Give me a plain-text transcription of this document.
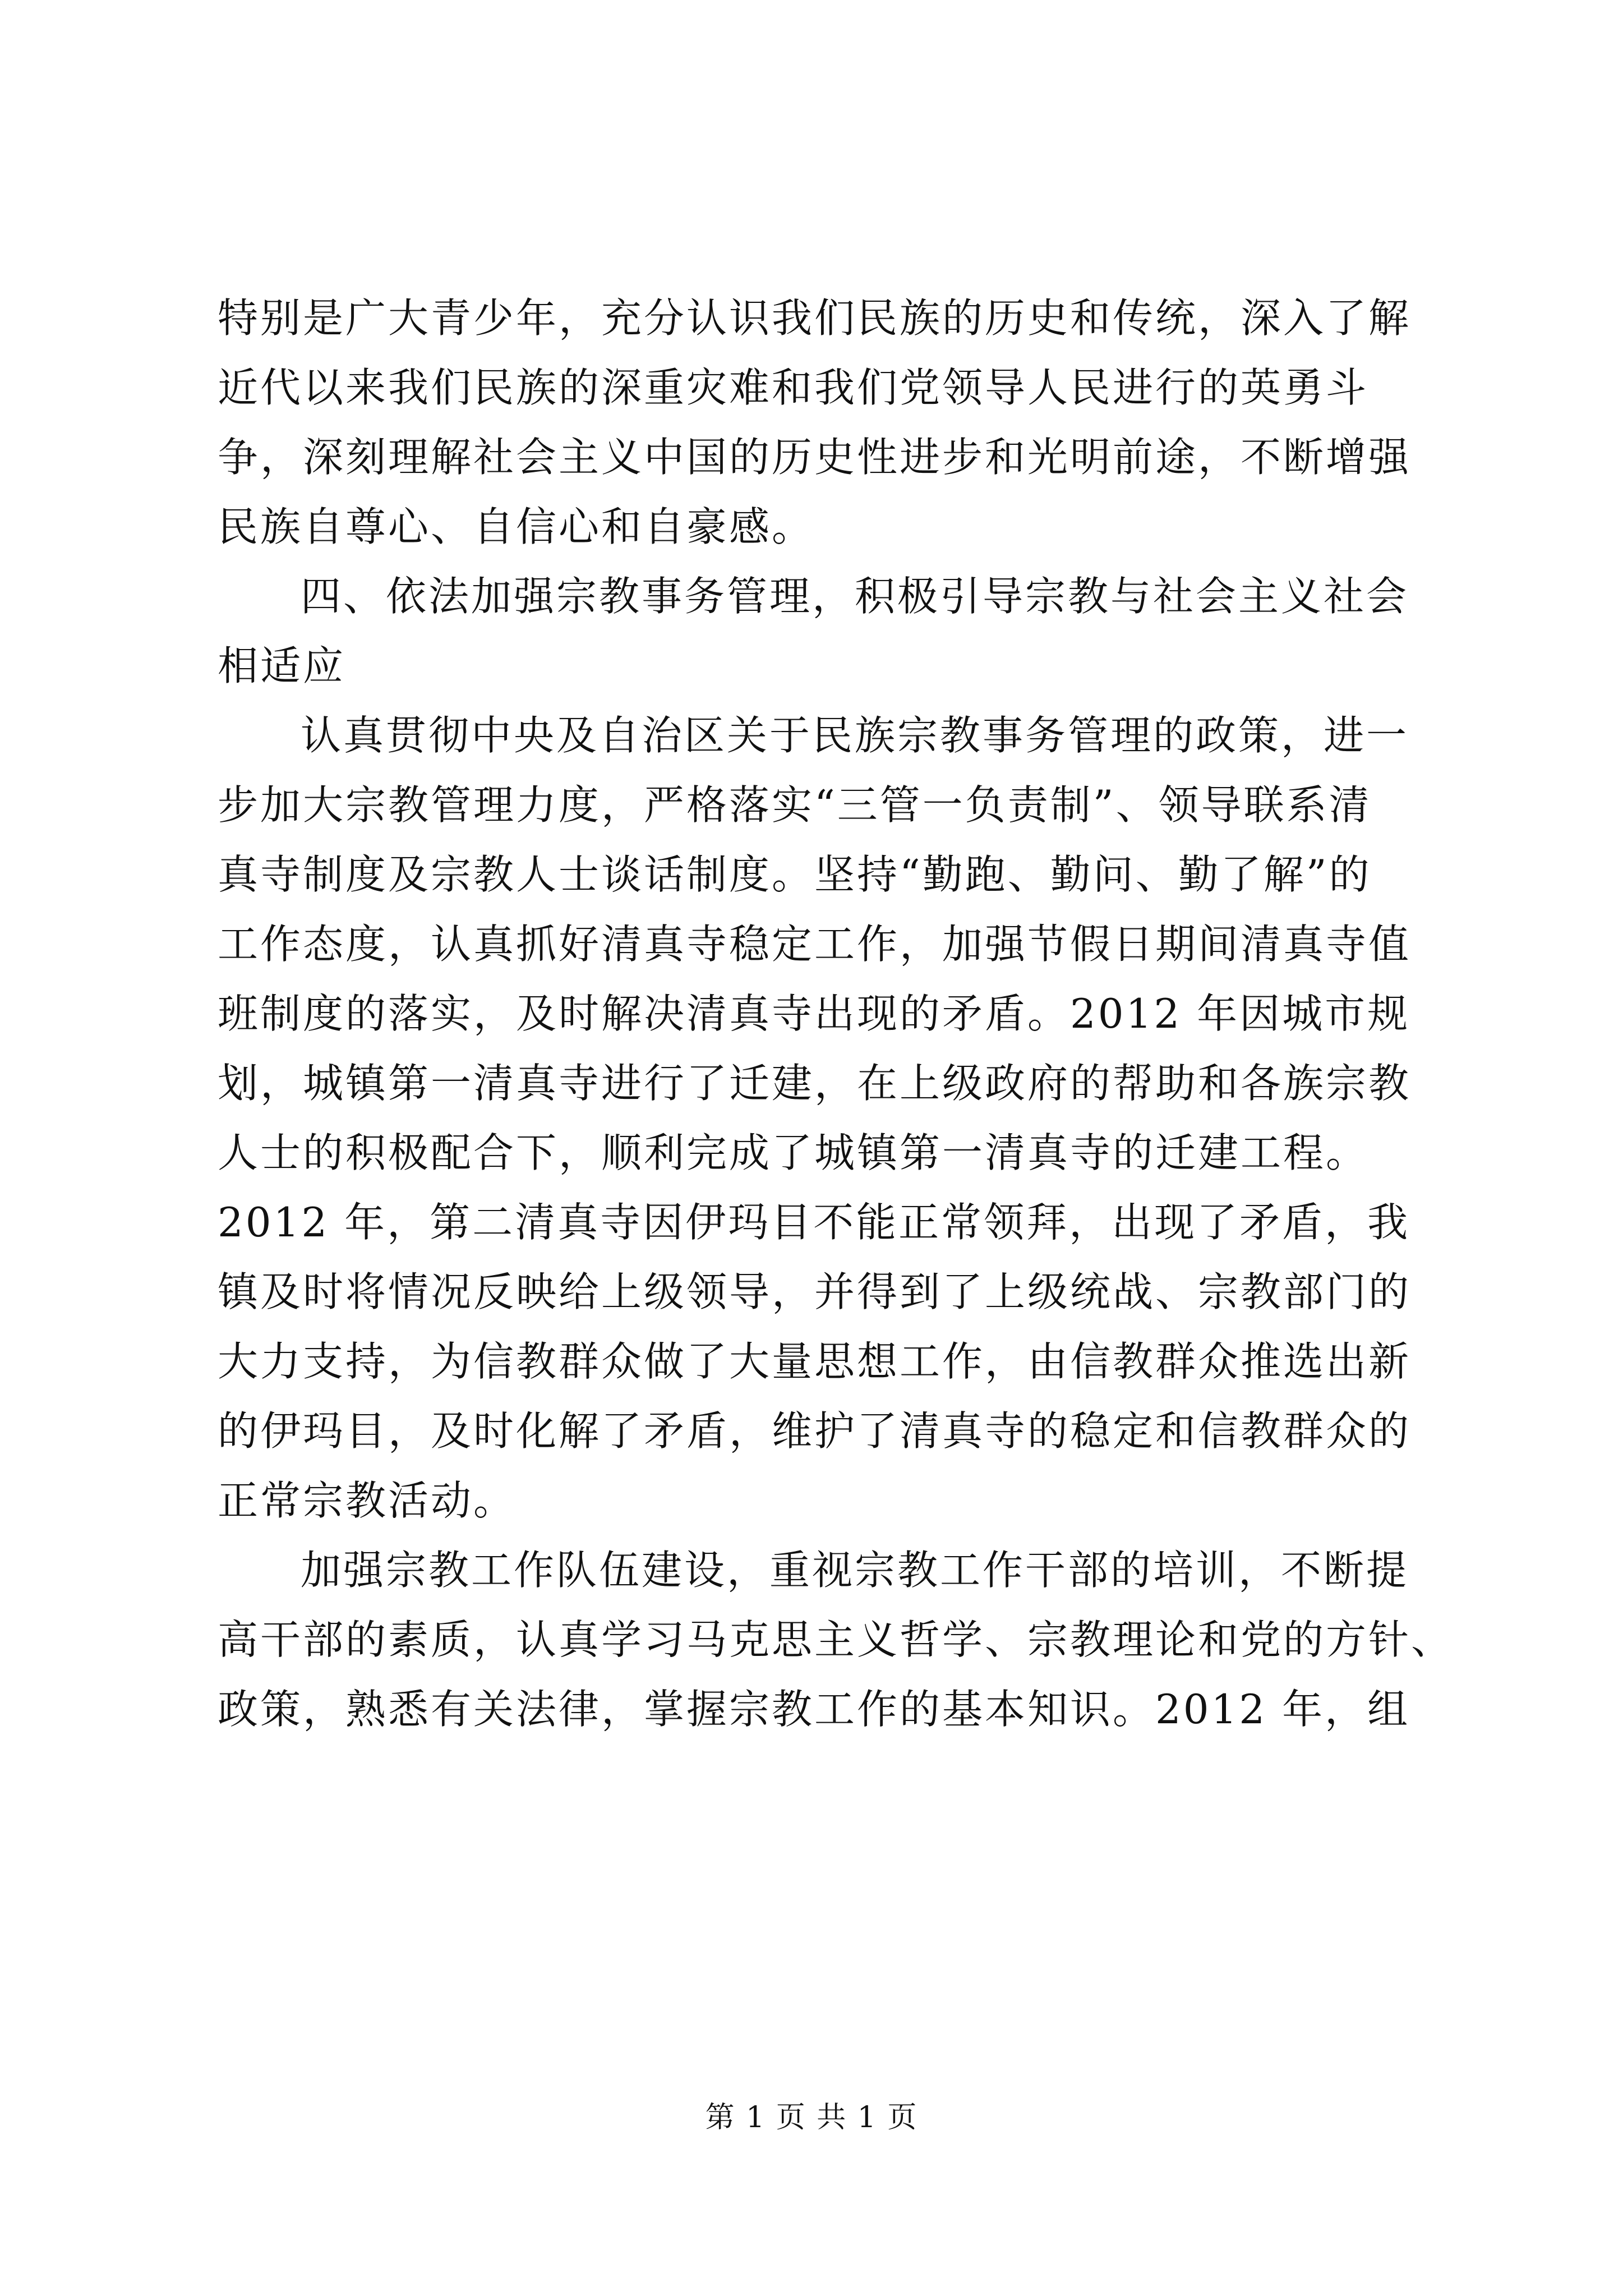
特别是广大青少年，充分认识我们民族的历史和传统，深入了解
近代以来我们民族的深重灾难和我们党领导人民进行的英勇斗
争，深刻理解社会主义中国的历史性进步和光明前途，不断增强
民族自尊心、自信心和自豪感。

四、依法加强宗教事务管理，积极引导宗教与社会主义社会
相适应

认真贯彻中央及自治区关于民族宗教事务管理的政策，进一
步加大宗教管理力度，严格落实“三管一负责制”、领导联系清
真寺制度及宗教人士谈话制度。坚持“勤跑、勤问、勤了解”的
工作态度，认真抓好清真寺稳定工作，加强节假日期间清真寺值
班制度的落实，及时解决清真寺出现的矛盾。2012 年因城市规
划，城镇第一清真寺进行了迁建，在上级政府的帮助和各族宗教
人士的积极配合下，顺利完成了城镇第一清真寺的迁建工程。
2012 年，第二清真寺因伊玛目不能正常领拜，出现了矛盾，我
镇及时将情况反映给上级领导，并得到了上级统战、宗教部门的
大力支持，为信教群众做了大量思想工作，由信教群众推选出新
的伊玛目，及时化解了矛盾，维护了清真寺的稳定和信教群众的
正常宗教活动。

加强宗教工作队伍建设，重视宗教工作干部的培训，不断提
高干部的素质，认真学习马克思主义哲学、宗教理论和党的方针、
政策，熟悉有关法律，掌握宗教工作的基本知识。2012 年，组

第 1 页 共 1 页
